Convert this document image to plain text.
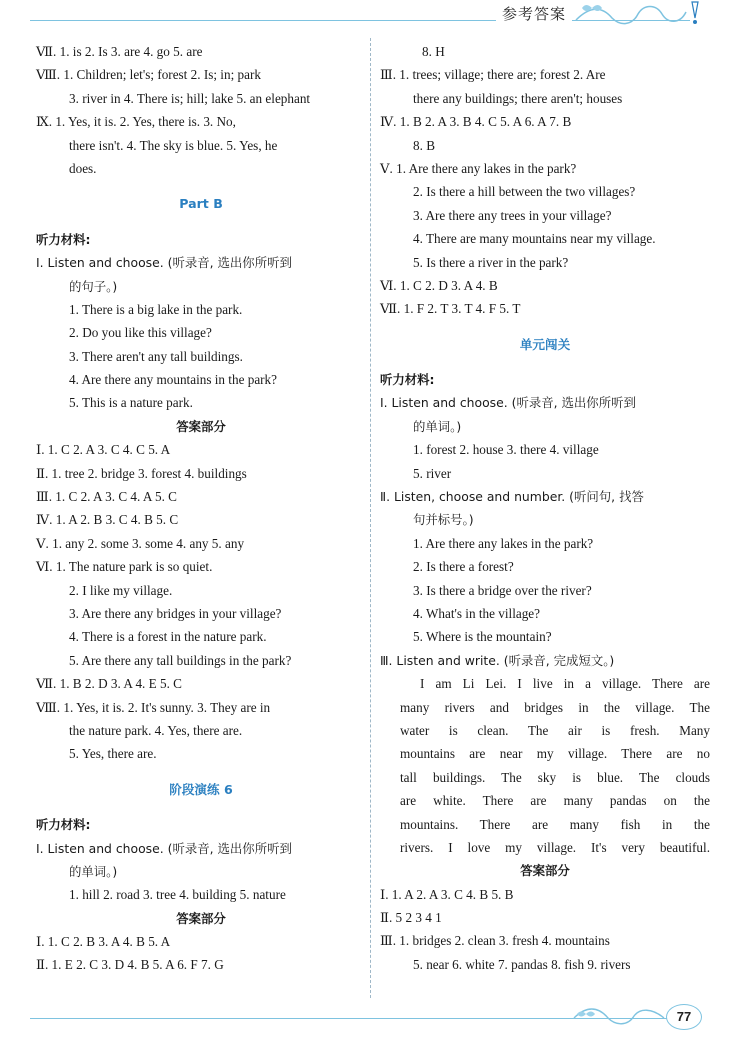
参考答案
Ⅶ. 1. is 2. Is 3. are 4. go 5. are
Ⅷ. 1. Children; let's; forest 2. Is; in; park
3. river in 4. There is; hill; lake 5. an elephant
Ⅸ. 1. Yes, it is. 2. Yes, there is. 3. No,
there isn't. 4. The sky is blue. 5. Yes, he
does.
Part B
听力材料:
Ⅰ. Listen and choose. (听录音, 选出你所听到
的句子。)
1. There is a big lake in the park.
2. Do you like this village?
3. There aren't any tall buildings.
4. Are there any mountains in the park?
5. This is a nature park.
答案部分
Ⅰ. 1. C 2. A 3. C 4. C 5. A
Ⅱ. 1. tree 2. bridge 3. forest 4. buildings
Ⅲ. 1. C 2. A 3. C 4. A 5. C
Ⅳ. 1. A 2. B 3. C 4. B 5. C
Ⅴ. 1. any 2. some 3. some 4. any 5. any
Ⅵ. 1. The nature park is so quiet.
2. I like my village.
3. Are there any bridges in your village?
4. There is a forest in the nature park.
5. Are there any tall buildings in the park?
Ⅶ. 1. B 2. D 3. A 4. E 5. C
Ⅷ. 1. Yes, it is. 2. It's sunny. 3. They are in
the nature park. 4. Yes, there are.
5. Yes, there are.
阶段演练 6
听力材料:
Ⅰ. Listen and choose. (听录音, 选出你所听到
的单词。)
1. hill 2. road 3. tree 4. building 5. nature
答案部分
Ⅰ. 1. C 2. B 3. A 4. B 5. A
Ⅱ. 1. E 2. C 3. D 4. B 5. A 6. F 7. G
8. H
Ⅲ. 1. trees; village; there are; forest 2. Are
there any buildings; there aren't; houses
Ⅳ. 1. B 2. A 3. B 4. C 5. A 6. A 7. B
8. B
Ⅴ. 1. Are there any lakes in the park?
2. Is there a hill between the two villages?
3. Are there any trees in your village?
4. There are many mountains near my village.
5. Is there a river in the park?
Ⅵ. 1. C 2. D 3. A 4. B
Ⅶ. 1. F 2. T 3. T 4. F 5. T
单元闯关
听力材料:
Ⅰ. Listen and choose. (听录音, 选出你所听到
的单词。)
1. forest 2. house 3. there 4. village
5. river
Ⅱ. Listen, choose and number. (听问句, 找答
句并标号。)
1. Are there any lakes in the park?
2. Is there a forest?
3. Is there a bridge over the river?
4. What's in the village?
5. Where is the mountain?
Ⅲ. Listen and write. (听录音, 完成短文。)
I am Li Lei. I live in a village. There are
many rivers and bridges in the village. The
water is clean. The air is fresh. Many
mountains are near my village. There are no
tall buildings. The sky is blue. The clouds
are white. There are many pandas on the
mountains. There are many fish in the
rivers. I love my village. It's very beautiful.
答案部分
Ⅰ. 1. A 2. A 3. C 4. B 5. B
Ⅱ. 5 2 3 4 1
Ⅲ. 1. bridges 2. clean 3. fresh 4. mountains
5. near 6. white 7. pandas 8. fish 9. rivers
77
